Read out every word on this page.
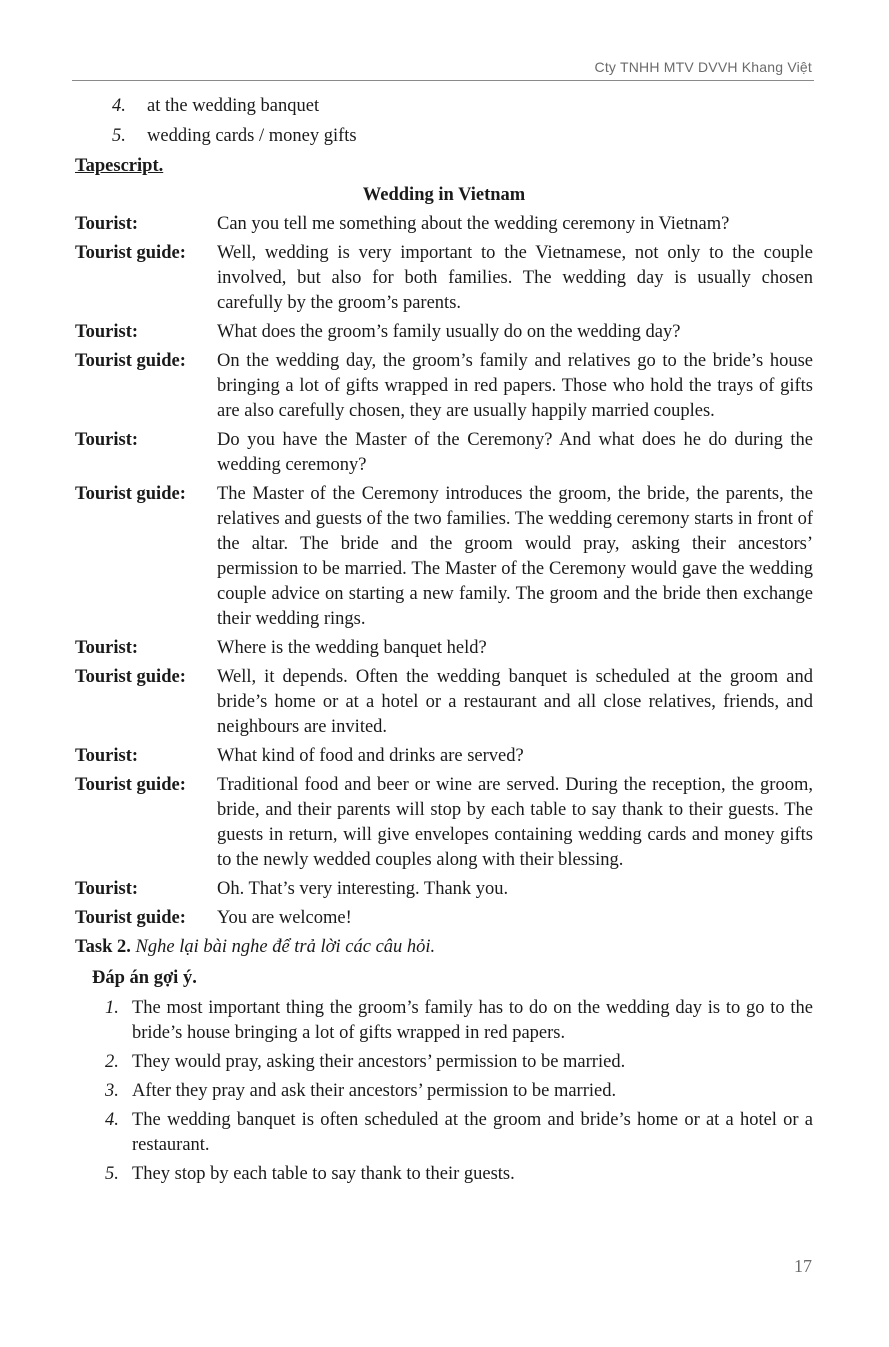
Cty TNHH MTV DVVH Khang Việt
4. at the wedding banquet
5. wedding cards / money gifts
Tapescript.
Wedding in Vietnam
Tourist:	Can you tell me something about the wedding ceremony in Vietnam?
Tourist guide:	Well, wedding is very important to the Vietnamese, not only to the couple involved, but also for both families. The wedding day is usually chosen carefully by the groom’s parents.
Tourist:	What does the groom’s family usually do on the wedding day?
Tourist guide:	On the wedding day, the groom’s family and relatives go to the bride’s house bringing a lot of gifts wrapped in red papers. Those who hold the trays of gifts are also carefully chosen, they are usually happily married couples.
Tourist:	Do you have the Master of the Ceremony? And what does he do during the wedding ceremony?
Tourist guide:	The Master of the Ceremony introduces the groom, the bride, the parents, the relatives and guests of the two families. The wedding ceremony starts in front of the altar. The bride and the groom would pray, asking their ancestors’ permission to be married. The Master of the Ceremony would gave the wedding couple advice on starting a new family. The groom and the bride then exchange their wedding rings.
Tourist:	Where is the wedding banquet held?
Tourist guide:	Well, it depends. Often the wedding banquet is scheduled at the groom and bride’s home or at a hotel or a restaurant and all close relatives, friends, and neighbours are invited.
Tourist:	What kind of food and drinks are served?
Tourist guide:	Traditional food and beer or wine are served. During the reception, the groom, bride, and their parents will stop by each table to say thank to their guests. The guests in return, will give envelopes containing wedding cards and money gifts to the newly wedded couples along with their blessing.
Tourist:	Oh. That’s very interesting. Thank you.
Tourist guide:	You are welcome!
Task 2. Nghe lại bài nghe để trả lời các câu hỏi.
Đáp án gợi ý.
1. The most important thing the groom’s family has to do on the wedding day is to go to the bride’s house bringing a lot of gifts wrapped in red papers.
2. They would pray, asking their ancestors’ permission to be married.
3. After they pray and ask their ancestors’ permission to be married.
4. The wedding banquet is often scheduled at the groom and bride’s home or at a hotel or a restaurant.
5. They stop by each table to say thank to their guests.
17
